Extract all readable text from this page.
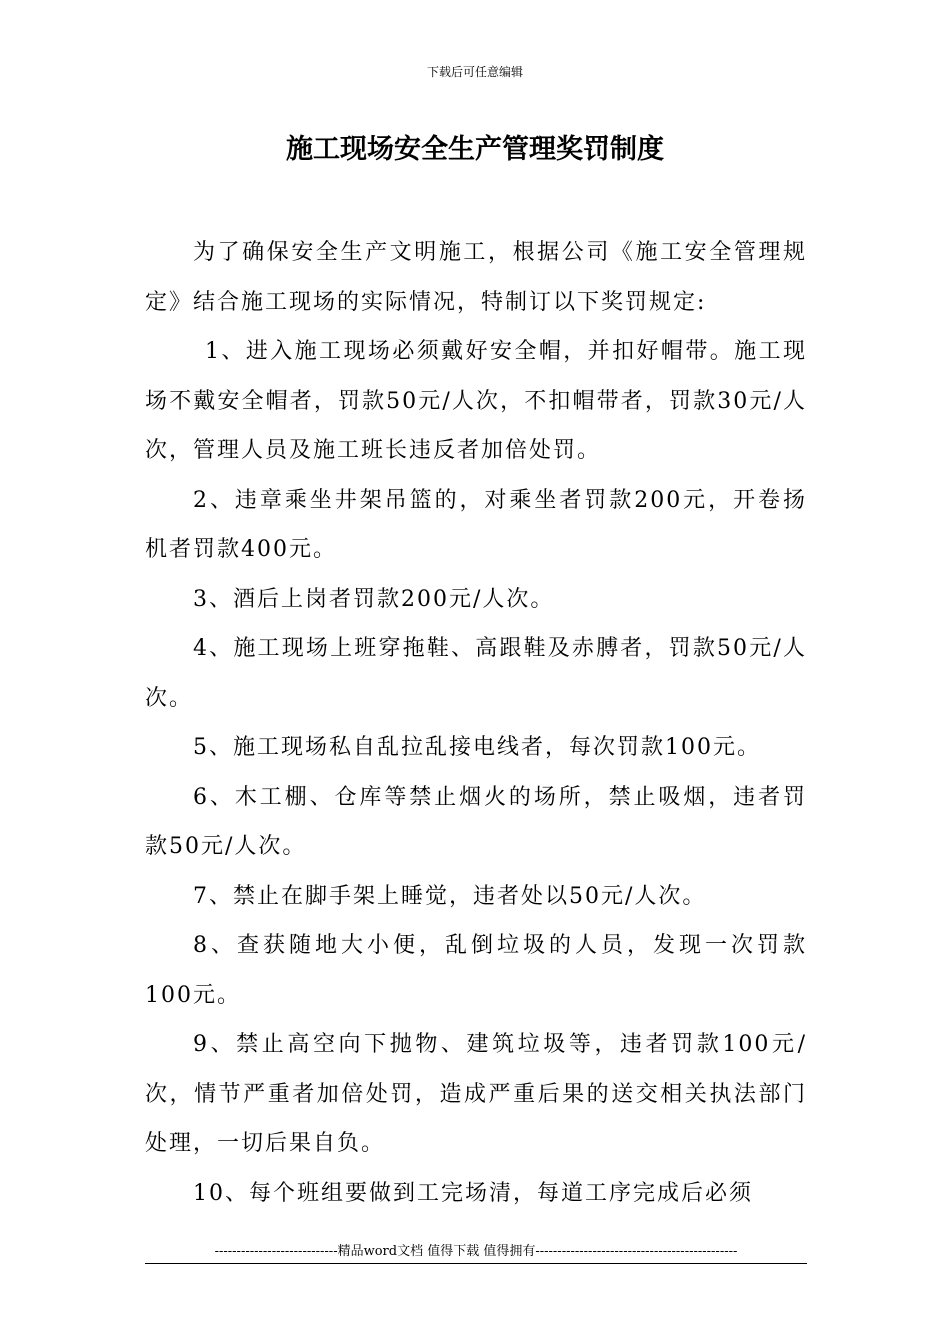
下载后可任意编辑
施工现场安全生产管理奖罚制度

为了确保安全生产文明施工，根据公司《施工安全管理规定》结合施工现场的实际情况，特制订以下奖罚规定:

1、进入施工现场必须戴好安全帽，并扣好帽带。施工现场不戴安全帽者，罚款50元/人次，不扣帽带者，罚款30元/人次，管理人员及施工班长违反者加倍处罚。

2、违章乘坐井架吊篮的，对乘坐者罚款200元，开卷扬机者罚款400元。

3、酒后上岗者罚款200元/人次。

4、施工现场上班穿拖鞋、高跟鞋及赤膊者，罚款50元/人次。

5、施工现场私自乱拉乱接电线者，每次罚款100元。

6、木工棚、仓库等禁止烟火的场所，禁止吸烟，违者罚款50元/人次。

7、禁止在脚手架上睡觉，违者处以50元/人次。

8、查获随地大小便，乱倒垃圾的人员，发现一次罚款100元。

9、禁止高空向下抛物、建筑垃圾等，违者罚款100元/次，情节严重者加倍处罚，造成严重后果的送交相关执法部门处理，一切后果自负。

10、每个班组要做到工完场清，每道工序完成后必须

----------------------------精品word文档 值得下载 值得拥有----------------------------------------------
